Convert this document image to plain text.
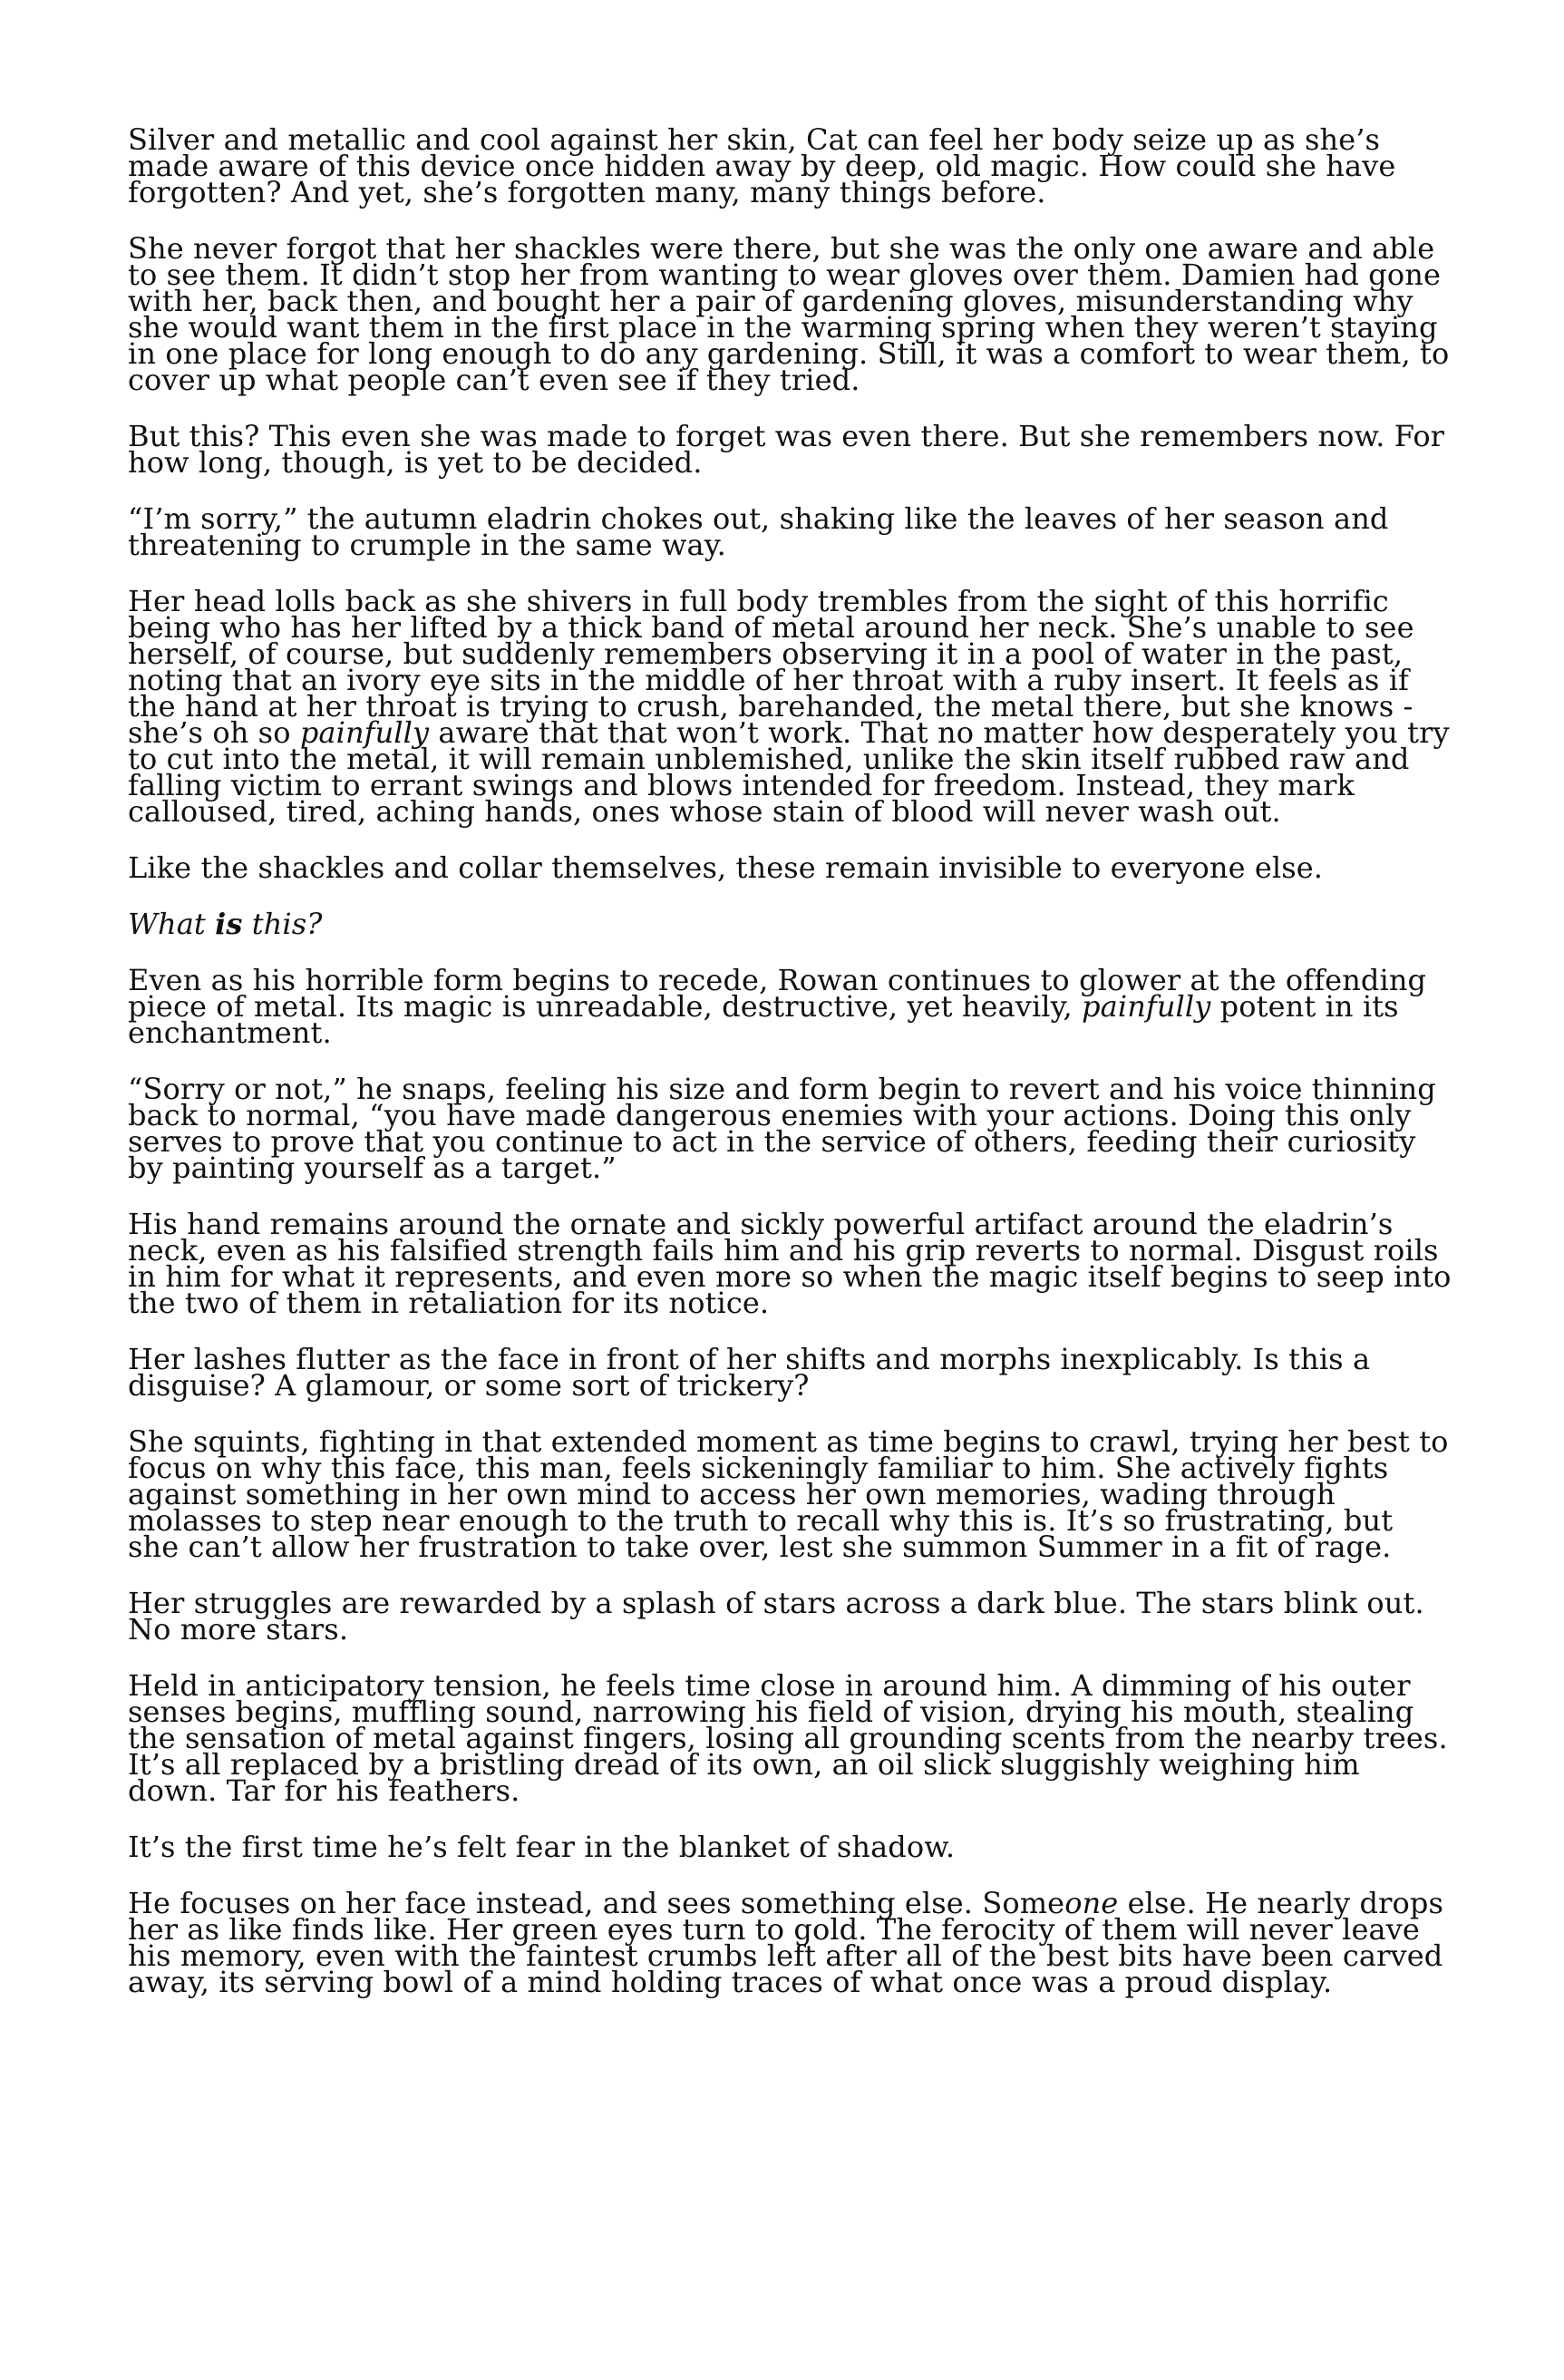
Silver and metallic and cool against her skin, Cat can feel her body seize up as she’s made aware of this device once hidden away by deep, old magic. How could she have forgotten? And yet, she’s forgotten many, many things before.

She never forgot that her shackles were there, but she was the only one aware and able to see them. It didn’t stop her from wanting to wear gloves over them. Damien had gone with her, back then, and bought her a pair of gardening gloves, misunderstanding why she would want them in the first place in the warming spring when they weren’t staying in one place for long enough to do any gardening. Still, it was a comfort to wear them, to cover up what people can’t even see if they tried.

But this? This even she was made to forget was even there. But she remembers now. For how long, though, is yet to be decided.

“I’m sorry,” the autumn eladrin chokes out, shaking like the leaves of her season and threatening to crumple in the same way.

Her head lolls back as she shivers in full body trembles from the sight of this horrific being who has her lifted by a thick band of metal around her neck. She’s unable to see herself, of course, but suddenly remembers observing it in a pool of water in the past, noting that an ivory eye sits in the middle of her throat with a ruby insert. It feels as if the hand at her throat is trying to crush, barehanded, the metal there, but she knows - she’s oh so painfully aware that that won’t work. That no matter how desperately you try to cut into the metal, it will remain unblemished, unlike the skin itself rubbed raw and falling victim to errant swings and blows intended for freedom. Instead, they mark calloused, tired, aching hands, ones whose stain of blood will never wash out.

Like the shackles and collar themselves, these remain invisible to everyone else.

What is this?

Even as his horrible form begins to recede, Rowan continues to glower at the offending piece of metal. Its magic is unreadable, destructive, yet heavily, painfully potent in its enchantment.

“Sorry or not,” he snaps, feeling his size and form begin to revert and his voice thinning back to normal, “you have made dangerous enemies with your actions. Doing this only serves to prove that you continue to act in the service of others, feeding their curiosity by painting yourself as a target.”

His hand remains around the ornate and sickly powerful artifact around the eladrin’s neck, even as his falsified strength fails him and his grip reverts to normal. Disgust roils in him for what it represents, and even more so when the magic itself begins to seep into the two of them in retaliation for its notice.

Her lashes flutter as the face in front of her shifts and morphs inexplicably. Is this a disguise? A glamour, or some sort of trickery?

She squints, fighting in that extended moment as time begins to crawl, trying her best to focus on why this face, this man, feels sickeningly familiar to him. She actively fights against something in her own mind to access her own memories, wading through molasses to step near enough to the truth to recall why this is. It’s so frustrating, but she can’t allow her frustration to take over, lest she summon Summer in a fit of rage.

Her struggles are rewarded by a splash of stars across a dark blue. The stars blink out. No more stars.

Held in anticipatory tension, he feels time close in around him. A dimming of his outer senses begins, muffling sound, narrowing his field of vision, drying his mouth, stealing the sensation of metal against fingers, losing all grounding scents from the nearby trees. It’s all replaced by a bristling dread of its own, an oil slick sluggishly weighing him down. Tar for his feathers.

It’s the first time he’s felt fear in the blanket of shadow.

He focuses on her face instead, and sees something else. Someone else. He nearly drops her as like finds like. Her green eyes turn to gold. The ferocity of them will never leave his memory, even with the faintest crumbs left after all of the best bits have been carved away, its serving bowl of a mind holding traces of what once was a proud display.
